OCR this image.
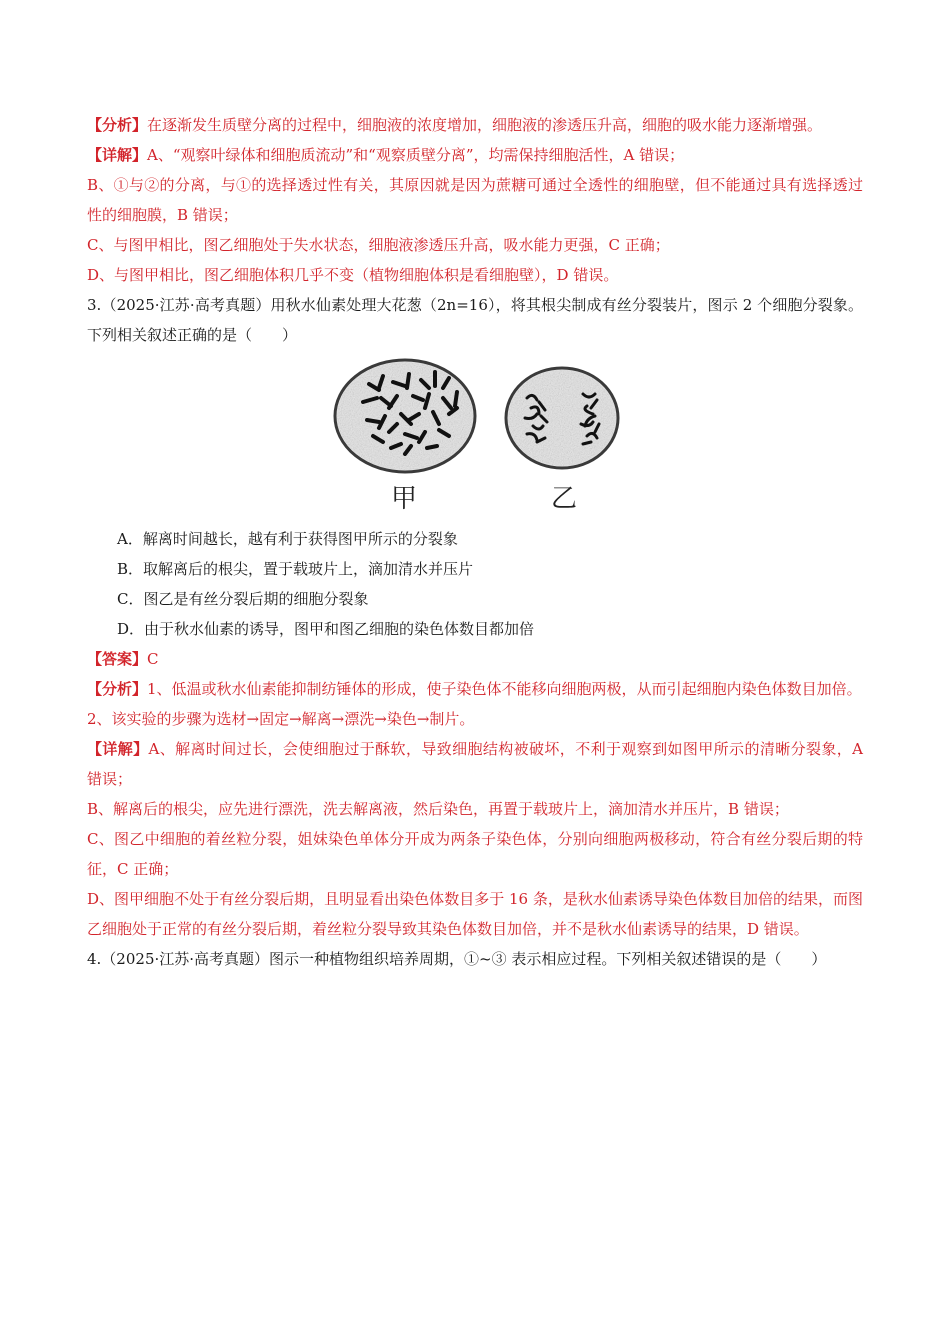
【分析】在逐渐发生质壁分离的过程中，细胞液的浓度增加，细胞液的渗透压升高，细胞的吸水能力逐渐增强。

【详解】A、“观察叶绿体和细胞质流动”和“观察质壁分离”，均需保持细胞活性，A 错误；

B、①与②的分离，与①的选择透过性有关，其原因就是因为蔗糖可通过全透性的细胞壁，但不能通过具有选择透过性的细胞膜，B 错误；

C、与图甲相比，图乙细胞处于失水状态，细胞液渗透压升高，吸水能力更强，C 正确；

D、与图甲相比，图乙细胞体积几乎不变（植物细胞体积是看细胞壁），D 错误。

3.（2025·江苏·高考真题）用秋水仙素处理大花葱（2n=16），将其根尖制成有丝分裂装片，图示 2 个细胞分裂象。下列相关叙述正确的是（　　）

甲	乙

A．解离时间越长，越有利于获得图甲所示的分裂象

B．取解离后的根尖，置于载玻片上，滴加清水并压片

C．图乙是有丝分裂后期的细胞分裂象

D．由于秋水仙素的诱导，图甲和图乙细胞的染色体数目都加倍

【答案】C

【分析】1、低温或秋水仙素能抑制纺锤体的形成，使子染色体不能移向细胞两极，从而引起细胞内染色体数目加倍。

2、该实验的步骤为选材→固定→解离→漂洗→染色→制片。

【详解】A、解离时间过长，会使细胞过于酥软，导致细胞结构被破坏，不利于观察到如图甲所示的清晰分裂象，A 错误；

B、解离后的根尖，应先进行漂洗，洗去解离液，然后染色，再置于载玻片上，滴加清水并压片，B 错误；

C、图乙中细胞的着丝粒分裂，姐妹染色单体分开成为两条子染色体，分别向细胞两极移动，符合有丝分裂后期的特征，C 正确；

D、图甲细胞不处于有丝分裂后期，且明显看出染色体数目多于 16 条，是秋水仙素诱导染色体数目加倍的结果，而图乙细胞处于正常的有丝分裂后期，着丝粒分裂导致其染色体数目加倍，并不是秋水仙素诱导的结果，D 错误。

4.（2025·江苏·高考真题）图示一种植物组织培养周期，①~③ 表示相应过程。下列相关叙述错误的是（　　）
